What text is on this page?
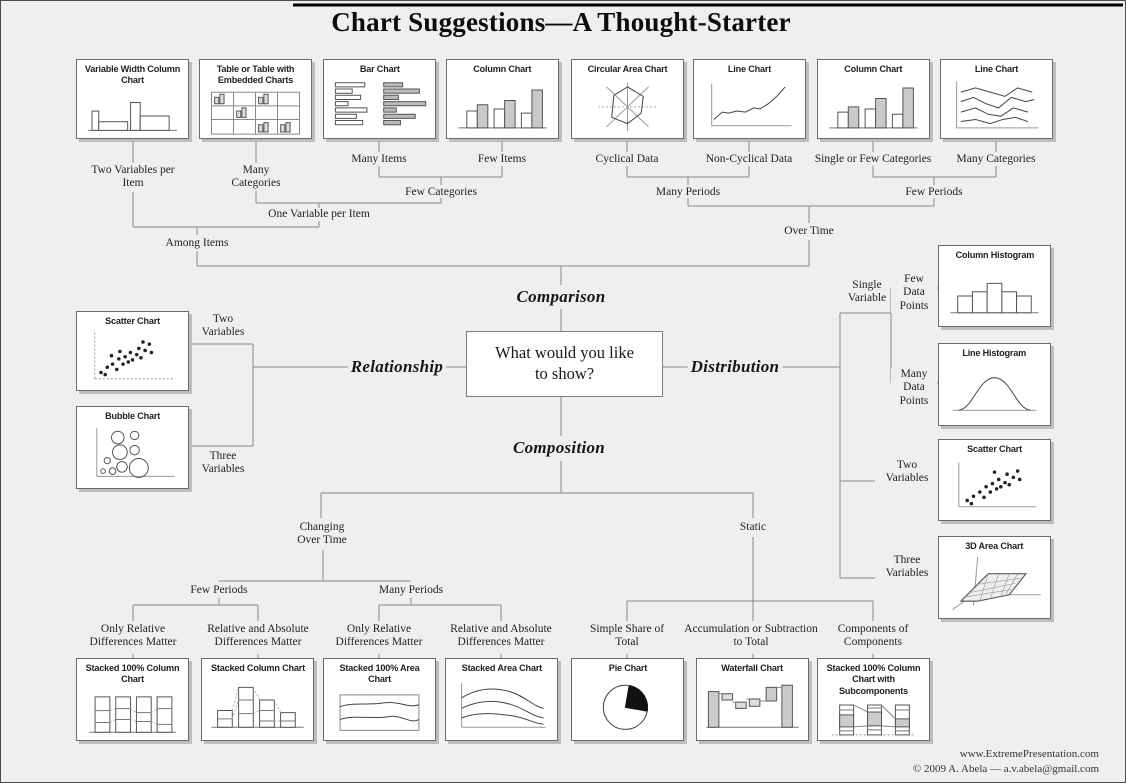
Chart Suggestions—A Thought-Starter
Variable Width Column Chart
Table or Table with Embedded Charts
Bar Chart	Column Chart	Circular Area Chart	Line Chart	Column Chart	Line Chart
Two Variables per Item
Many Categories
Many Items	Few Items	Cyclical Data	Non-Cyclical Data	Single or Few Categories	Many Categories
Few Categories
One Variable per Item
Many Periods	Few Periods
Among Items
Over Time
Comparison
What would you like to show?
Relationship	Distribution
Composition
Scatter Chart	Two Variables
Bubble Chart
Three Variables
Single Variable
Few Data Points
Many Data Points
Two Variables
Three Variables
Column Histogram
Line Histogram
Scatter Chart
3D Area Chart
Changing Over Time
Static
Few Periods	Many Periods
Only Relative Differences Matter
Relative and Absolute Differences Matter
Only Relative Differences Matter
Relative and Absolute Differences Matter
Simple Share of Total
Accumulation or Subtraction to Total
Components of Components
Stacked 100% Column Chart
Stacked Column Chart	Stacked 100% Area Chart
Stacked Area Chart	Pie Chart	Waterfall Chart	Stacked 100% Column Chart with Subcomponents
www.ExtremePresentation.com
© 2009 A. Abela — a.v.abela@gmail.com
